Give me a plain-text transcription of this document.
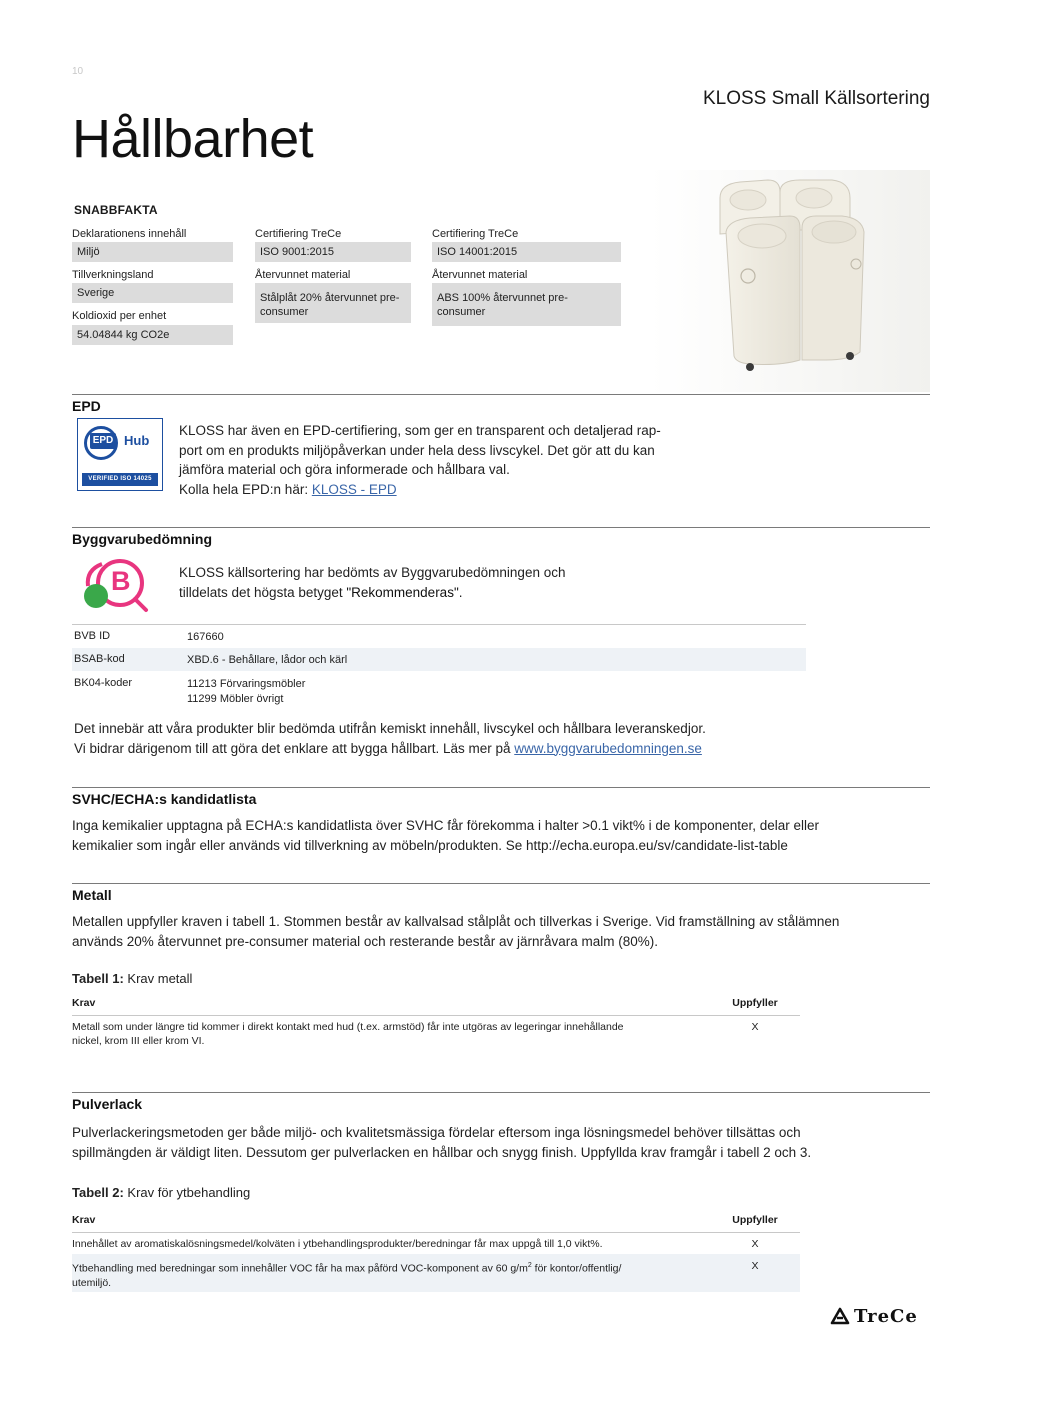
10
KLOSS Small Källsortering
Hållbarhet
SNABBFAKTA
Deklarationens innehåll
Miljö
Tillverkningsland
Sverige
Koldioxid per enhet
54.04844 kg CO2e
Certifiering TreCe
ISO 9001:2015
Återvunnet material
Stålplåt 20% återvunnet pre-consumer
Certifiering TreCe
ISO 14001:2015
Återvunnet material
ABS 100% återvunnet pre-consumer
EPD
EPD Hub
VERIFIED ISO 14025
KLOSS har även en EPD-certifiering, som ger en transparent och detaljerad rap-
port om en produkts miljöpåverkan under hela dess livscykel. Det gör att du kan
jämföra material och göra informerade och hållbara val.
Kolla hela EPD:n här: KLOSS - EPD
Byggvarubedömning
B	KLOSS källsortering har bedömts av Byggvarubedömningen och
tilldelats det högsta betyget "Rekommenderas".
BVB ID	167660
BSAB-kod	XBD.6 - Behållare, lådor och kärl
BK04-koder	11213 Förvaringsmöbler
11299 Möbler övrigt
Det innebär att våra produkter blir bedömda utifrån kemiskt innehåll, livscykel och hållbara leveranskedjor.
Vi bidrar därigenom till att göra det enklare att bygga hållbart. Läs mer på www.byggvarubedomningen.se
SVHC/ECHA:s kandidatlista
Inga kemikalier upptagna på ECHA:s kandidatlista över SVHC får förekomma i halter >0.1 vikt% i de komponenter, delar eller
kemikalier som ingår eller används vid tillverkning av möbeln/produkten. Se http://echa.europa.eu/sv/candidate-list-table
Metall
Metallen uppfyller kraven i tabell 1. Stommen består av kallvalsad stålplåt och tillverkas i Sverige. Vid framställning av stålämnen
används 20% återvunnet pre-consumer material och resterande består av järnråvara malm (80%).
Tabell 1: Krav metall
Krav	Uppfyller
Metall som under längre tid kommer i direkt kontakt med hud (t.ex. armstöd) får inte utgöras av legeringar innehållande
nickel, krom III eller krom VI.
X
Pulverlack
Pulverlackeringsmetoden ger både miljö- och kvalitetsmässiga fördelar eftersom inga lösningsmedel behöver tillsättas och
spillmängden är väldigt liten. Dessutom ger pulverlacken en hållbar och snygg finish. Uppfyllda krav framgår i tabell 2 och 3.
Tabell 2: Krav för ytbehandling
Krav	Uppfyller
Innehållet av aromatiskalösningsmedel/kolväten i ytbehandlingsprodukter/beredningar får max uppgå till 1,0 vikt%.	X
Ytbehandling med beredningar som innehåller VOC får ha max påförd VOC-komponent av 60 $g/m^2$ för kontor/offentlig/
utemiljö.
X
TreCe
